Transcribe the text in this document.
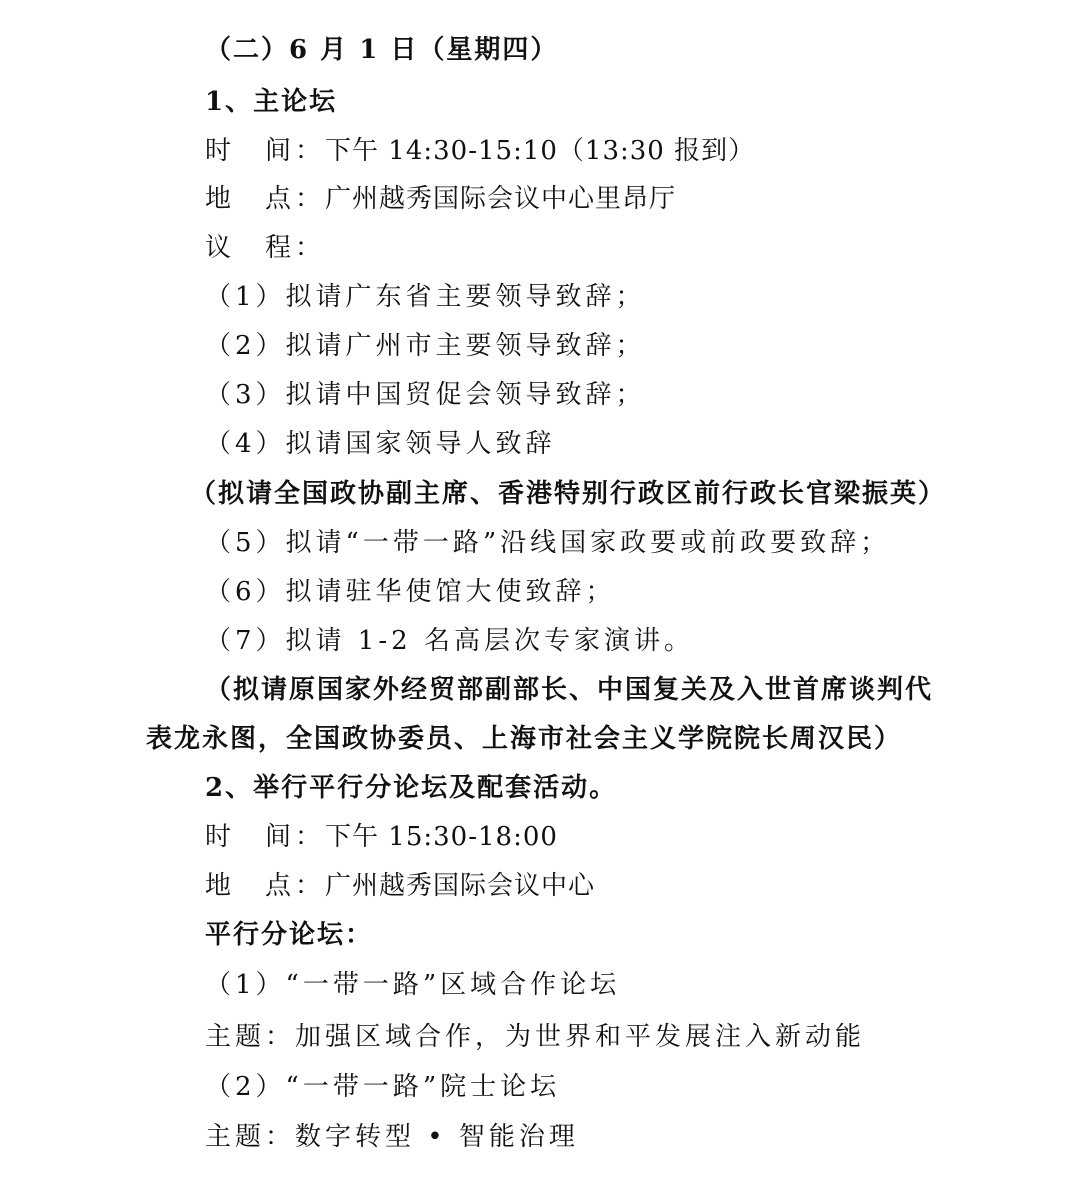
（二）6 月 1 日（星期四）
1、主论坛
时　间：下午 14:30-15:10（13:30 报到）
地　点：广州越秀国际会议中心里昂厅
议　程：
（1）拟请广东省主要领导致辞；
（2）拟请广州市主要领导致辞；
（3）拟请中国贸促会领导致辞；
（4）拟请国家领导人致辞
（拟请全国政协副主席、香港特别行政区前行政长官梁振英）
（5）拟请“一带一路”沿线国家政要或前政要致辞；
（6）拟请驻华使馆大使致辞；
（7）拟请 1-2 名高层次专家演讲。
（拟请原国家外经贸部副部长、中国复关及入世首席谈判代
表龙永图，全国政协委员、上海市社会主义学院院长周汉民）
2、举行平行分论坛及配套活动。
时　间：下午 15:30-18:00
地　点：广州越秀国际会议中心
平行分论坛：
（1）“一带一路”区域合作论坛
主题：加强区域合作，为世界和平发展注入新动能
（2）“一带一路”院士论坛
主题：数字转型 • 智能治理
